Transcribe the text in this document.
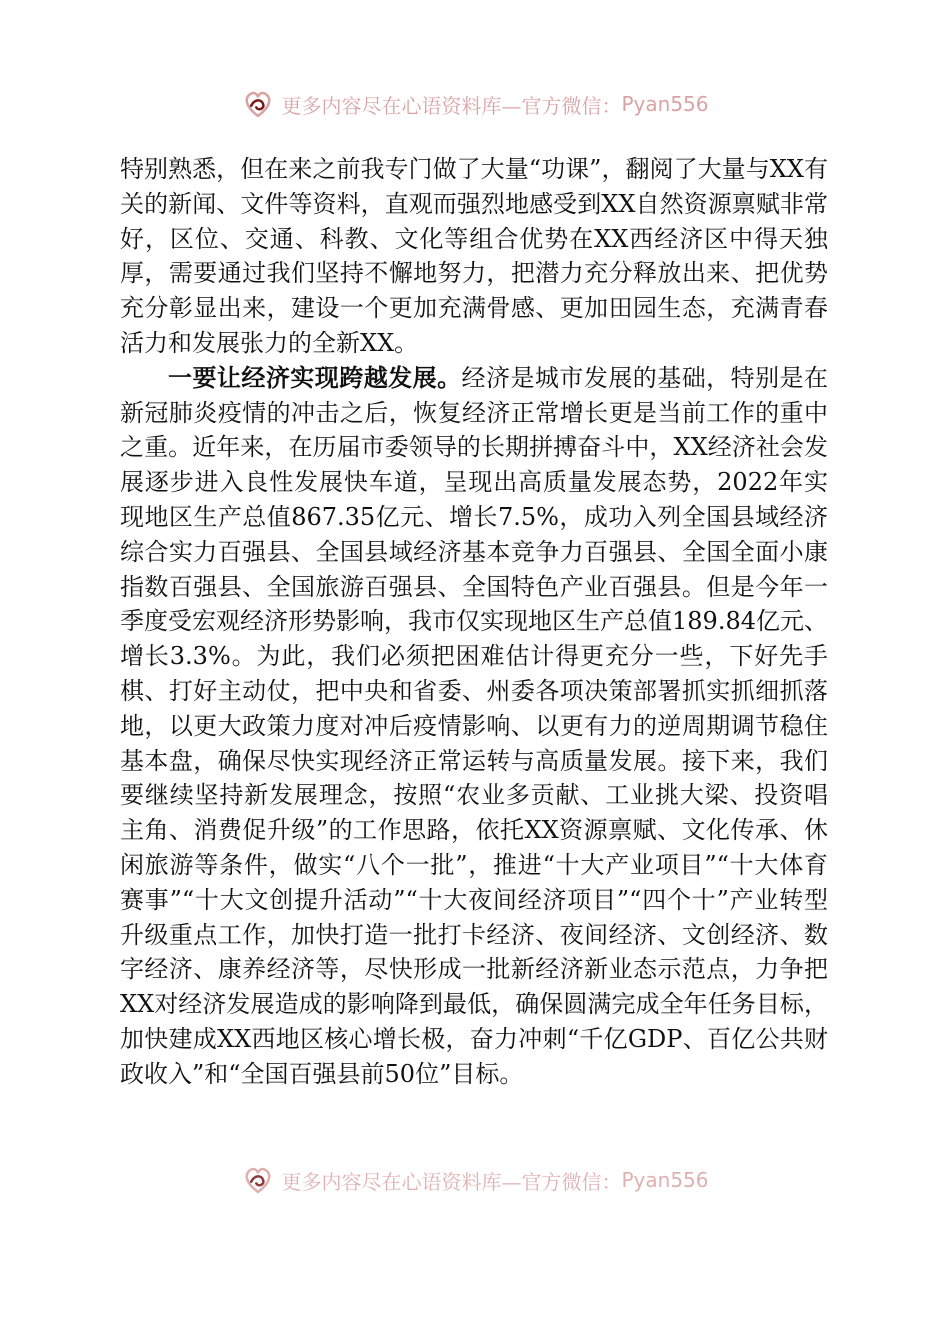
更多内容尽在心语资料库—官方微信： Pyan556

特别熟悉，但在来之前我专门做了大量“功课”，翻阅了大量与XX有关的新闻、文件等资料，直观而强烈地感受到XX自然资源禀赋非常好，区位、交通、科教、文化等组合优势在XX西经济区中得天独厚，需要通过我们坚持不懈地努力，把潜力充分释放出来、把优势充分彰显出来，建设一个更加充满骨感、更加田园生态，充满青春活力和发展张力的全新XX。

一要让经济实现跨越发展。经济是城市发展的基础，特别是在新冠肺炎疫情的冲击之后，恢复经济正常增长更是当前工作的重中之重。近年来，在历届市委领导的长期拼搏奋斗中，XX经济社会发展逐步进入良性发展快车道，呈现出高质量发展态势，2022年实现地区生产总值867.35亿元、增长7.5%，成功入列全国县域经济综合实力百强县、全国县域经济基本竞争力百强县、全国全面小康指数百强县、全国旅游百强县、全国特色产业百强县。但是今年一季度受宏观经济形势影响，我市仅实现地区生产总值189.84亿元、增长3.3%。为此，我们必须把困难估计得更充分一些，下好先手棋、打好主动仗，把中央和省委、州委各项决策部署抓实抓细抓落地，以更大政策力度对冲后疫情影响、以更有力的逆周期调节稳住基本盘，确保尽快实现经济正常运转与高质量发展。接下来，我们要继续坚持新发展理念，按照“农业多贡献、工业挑大梁、投资唱主角、消费促升级”的工作思路，依托XX资源禀赋、文化传承、休闲旅游等条件，做实“八个一批”，推进“十大产业项目”“十大体育赛事”“十大文创提升活动”“十大夜间经济项目”“四个十”产业转型升级重点工作，加快打造一批打卡经济、夜间经济、文创经济、数字经济、康养经济等，尽快形成一批新经济新业态示范点，力争把XX对经济发展造成的影响降到最低，确保圆满完成全年任务目标，加快建成XX西地区核心增长极，奋力冲刺“千亿GDP、百亿公共财政收入”和“全国百强县前50位”目标。

更多内容尽在心语资料库—官方微信： Pyan556
